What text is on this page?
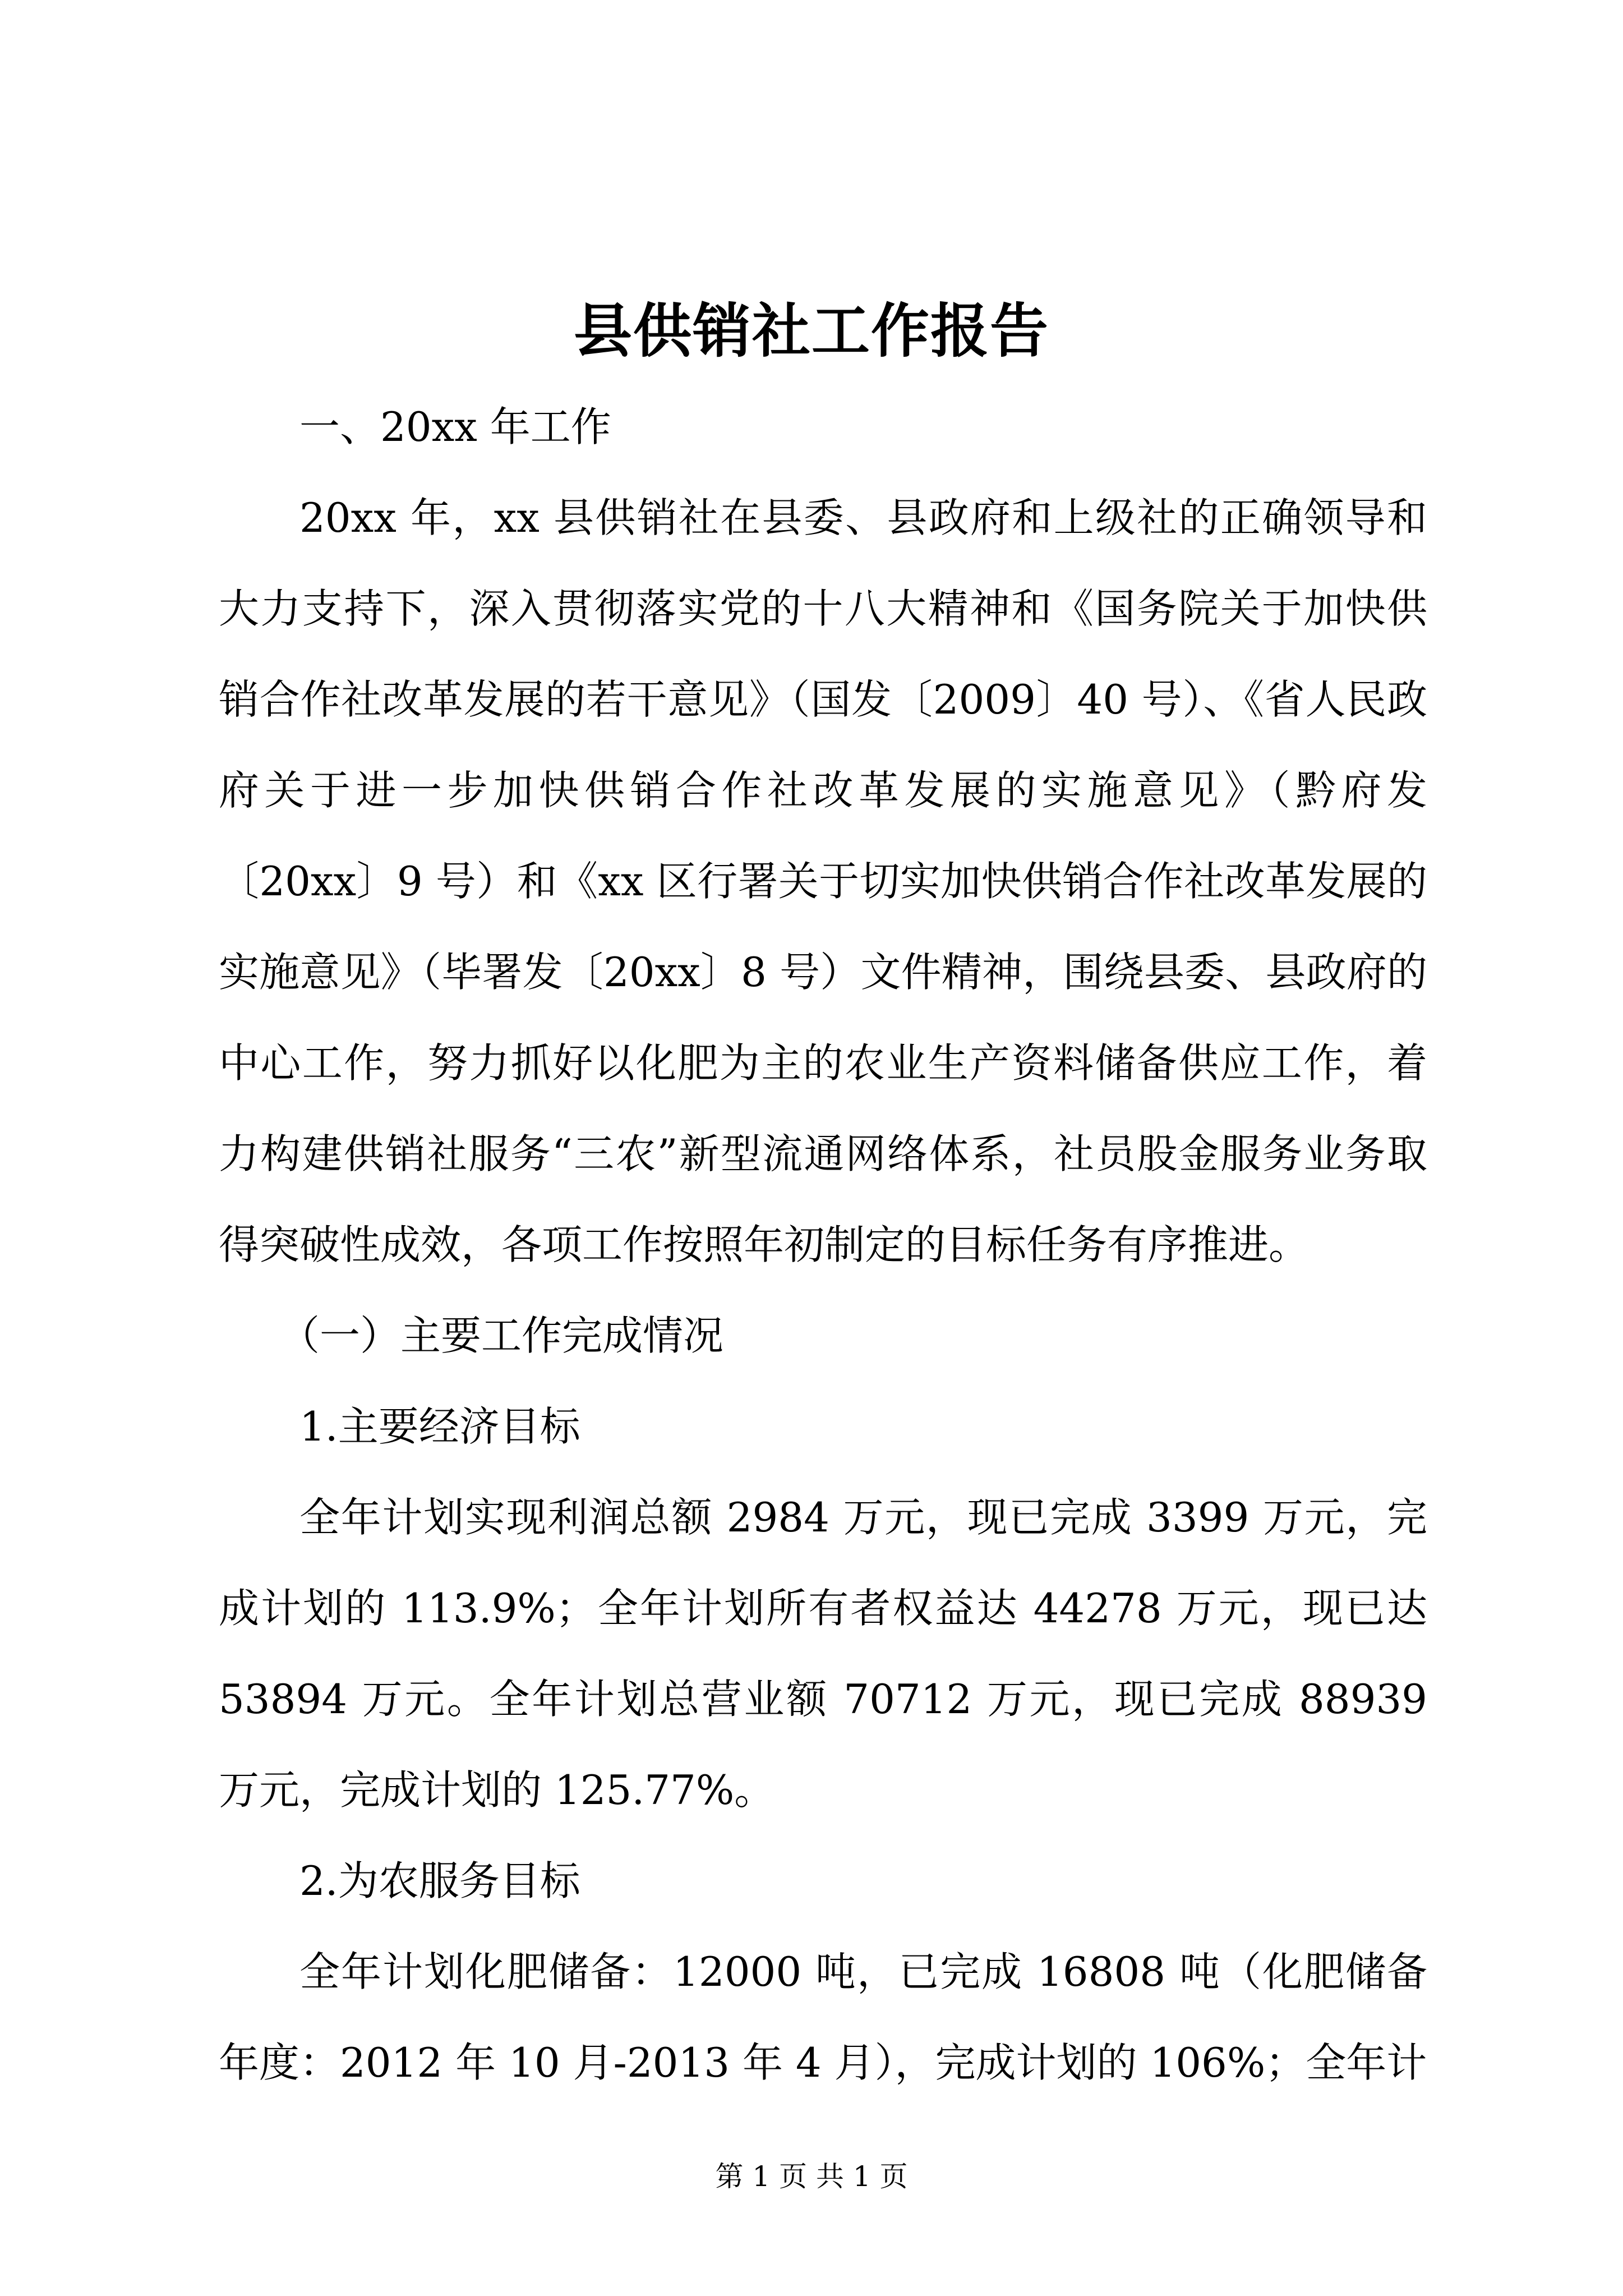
县供销社工作报告

一、20xx 年工作

20xx 年，xx 县供销社在县委、县政府和上级社的正确领导和大力支持下，深入贯彻落实党的十八大精神和《国务院关于加快供销合作社改革发展的若干意见》（国发〔2009〕40 号）、《省人民政府关于进一步加快供销合作社改革发展的实施意见》（黔府发〔20xx〕9 号）和《xx 区行署关于切实加快供销合作社改革发展的实施意见》（毕署发〔20xx〕8 号）文件精神，围绕县委、县政府的中心工作，努力抓好以化肥为主的农业生产资料储备供应工作，着力构建供销社服务“三农”新型流通网络体系，社员股金服务业务取得突破性成效，各项工作按照年初制定的目标任务有序推进。

（一）主要工作完成情况

1.主要经济目标

全年计划实现利润总额 2984 万元，现已完成 3399 万元，完成计划的 113.9%；全年计划所有者权益达 44278 万元，现已达 53894 万元。全年计划总营业额 70712 万元，现已完成 88939 万元，完成计划的 125.77%。

2.为农服务目标

全年计划化肥储备：12000 吨，已完成 16808 吨（化肥储备年度：2012 年 10 月-2013 年 4 月），完成计划的 106%；全年计

第 1 页 共 1 页
